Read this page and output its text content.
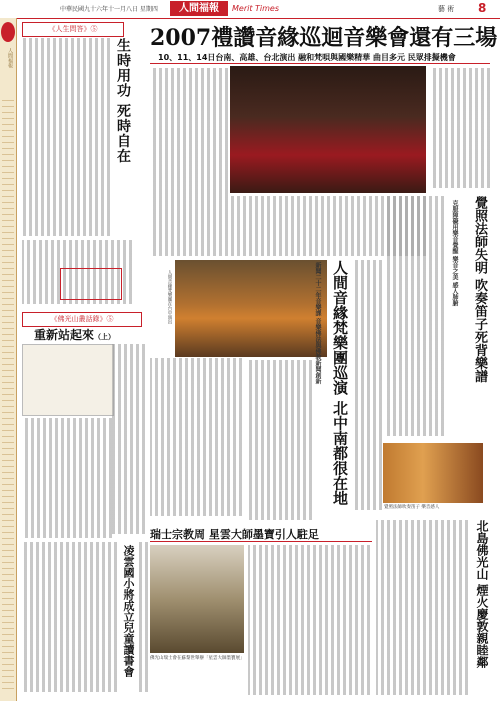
中華民國九十六年十一月八日 星期四	人間福報	Merit Times	藝 術 8
人間福報
《人生問答》⑤
生時用功 死時自在
《佛光山叢話錄》⑤
重新站起來（上）
凌雲國小將成立兒童讀書會
2007禮讚音緣巡迴音樂會還有三場
10、11、14日台南、高雄、台北演出 融和梵唄與國樂精華 曲目多元 民眾排擬機會
人間音緣梵樂團在台中演出	人間音緣梵樂團巡演 北中南都很在地
新聞二十二年音樂課 音樂佛法與佛教新聞創新	覺照法師失明 吹奏笛子死背樂譜
克服障礙用樂音覺醒 樂音之美 感人肺腑
覺照法師吹奏笛子 樂音感人
瑞士宗教周 星雲大師墨寶引人駐足
佛光山瑞士會在蘇黎世舉辦「星雲大師墨寶展」	北島佛光山 煙火慶敦親睦鄰
